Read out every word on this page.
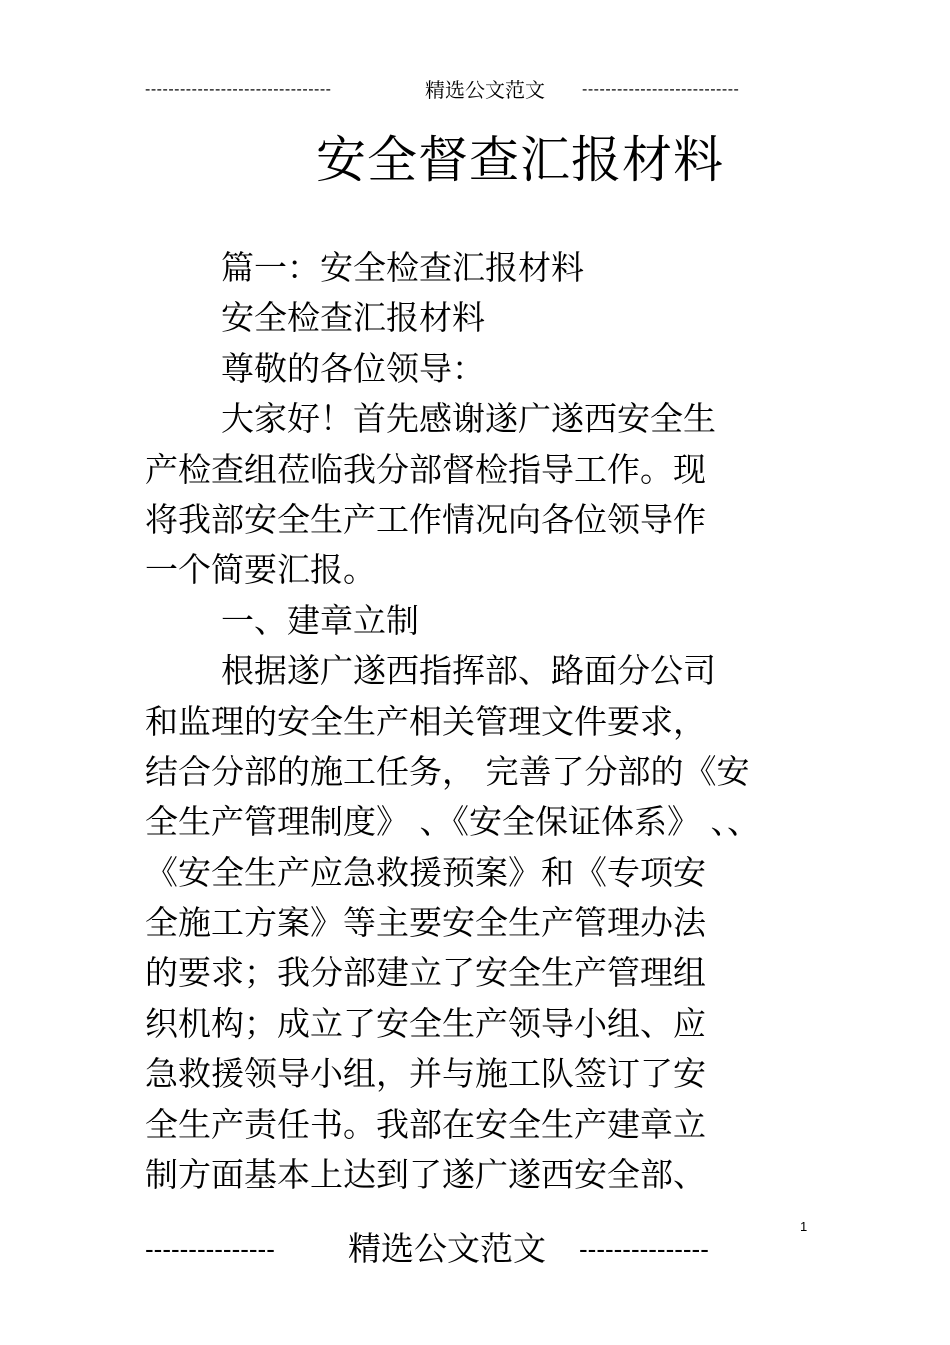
--------------------------------	精选公文范文 ---------------------------
安全督查汇报材料
篇一：安全检查汇报材料
安全检查汇报材料
尊敬的各位领导：
大家好！首先感谢遂广遂西安全生
产检查组莅临我分部督检指导工作。现
将我部安全生产工作情况向各位领导作
一个简要汇报。
一、建章立制
根据遂广遂西指挥部、路面分公司
和监理的安全生产相关管理文件要求，
结合分部的施工任务， 完善了分部的《安
全生产管理制度》 、《安全保证体系》 、、
《安全生产应急救援预案》和《专项安
全施工方案》等主要安全生产管理办法
的要求；我分部建立了安全生产管理组
织机构；成立了安全生产领导小组、应
急救援领导小组，并与施工队签订了安
全生产责任书。我部在安全生产建章立
制方面基本上达到了遂广遂西安全部、
1
---------------	精选公文范文 ---------------
